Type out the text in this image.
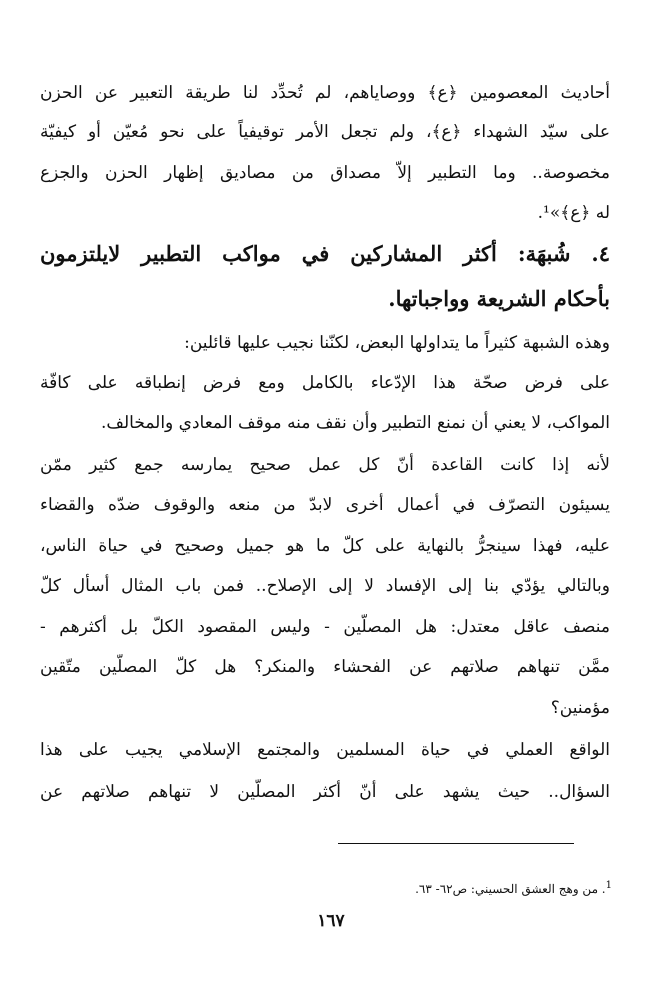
أحاديث المعصومين ﴿ع﴾ ووصاياهم، لم تُحدِّد لنا طريقة التعبير عن الحزن
على سيّد الشهداء ﴿ع﴾، ولم تجعل الأمر توقيفياً على نحو مُعيّن أو كيفيّة
مخصوصة.. وما التطبير إلاّ مصداق من مصاديق إظهار الحزن والجزع
له ﴿ع﴾»¹.
٤. شُبهَة: أكثر المشاركين في مواكب التطبير لايلتزمون
بأحكام الشريعة وواجباتها.
وهذه الشبهة كثيراً ما يتداولها البعض، لكنّنا نجيب عليها قائلين:
على فرض صحّة هذا الإدّعاء بالكامل ومع فرض إنطباقه على كافّة
المواكب، لا يعني أن نمنع التطبير وأن نقف منه موقف المعادي والمخالف.
لأنه إذا كانت القاعدة أنّ كل عمل صحيح يمارسه جمع كثير ممّن
يسيئون التصرّف في أعمال أخرى لابدّ من منعه والوقوف ضدّه والقضاء
عليه، فهذا سينجرُّ بالنهاية على كلّ ما هو جميل وصحيح في حياة الناس،
وبالتالي يؤدّي بنا إلى الإفساد لا إلى الإصلاح.. فمن باب المثال أسأل كلّ
منصف عاقل معتدل: هل المصلّين - وليس المقصود الكلّ بل أكثرهم -
ممَّن تنهاهم صلاتهم عن الفحشاء والمنكر؟ هل كلّ المصلّين متّقين
مؤمنين؟
الواقع العملي في حياة المسلمين والمجتمع الإسلامي يجيب على هذا
السؤال.. حيث يشهد على أنّ أكثر المصلّين لا تنهاهم صلاتهم عن
$^1$. من وهج العشق الحسيني: ص٦٢- ٦٣.
١٦٧
